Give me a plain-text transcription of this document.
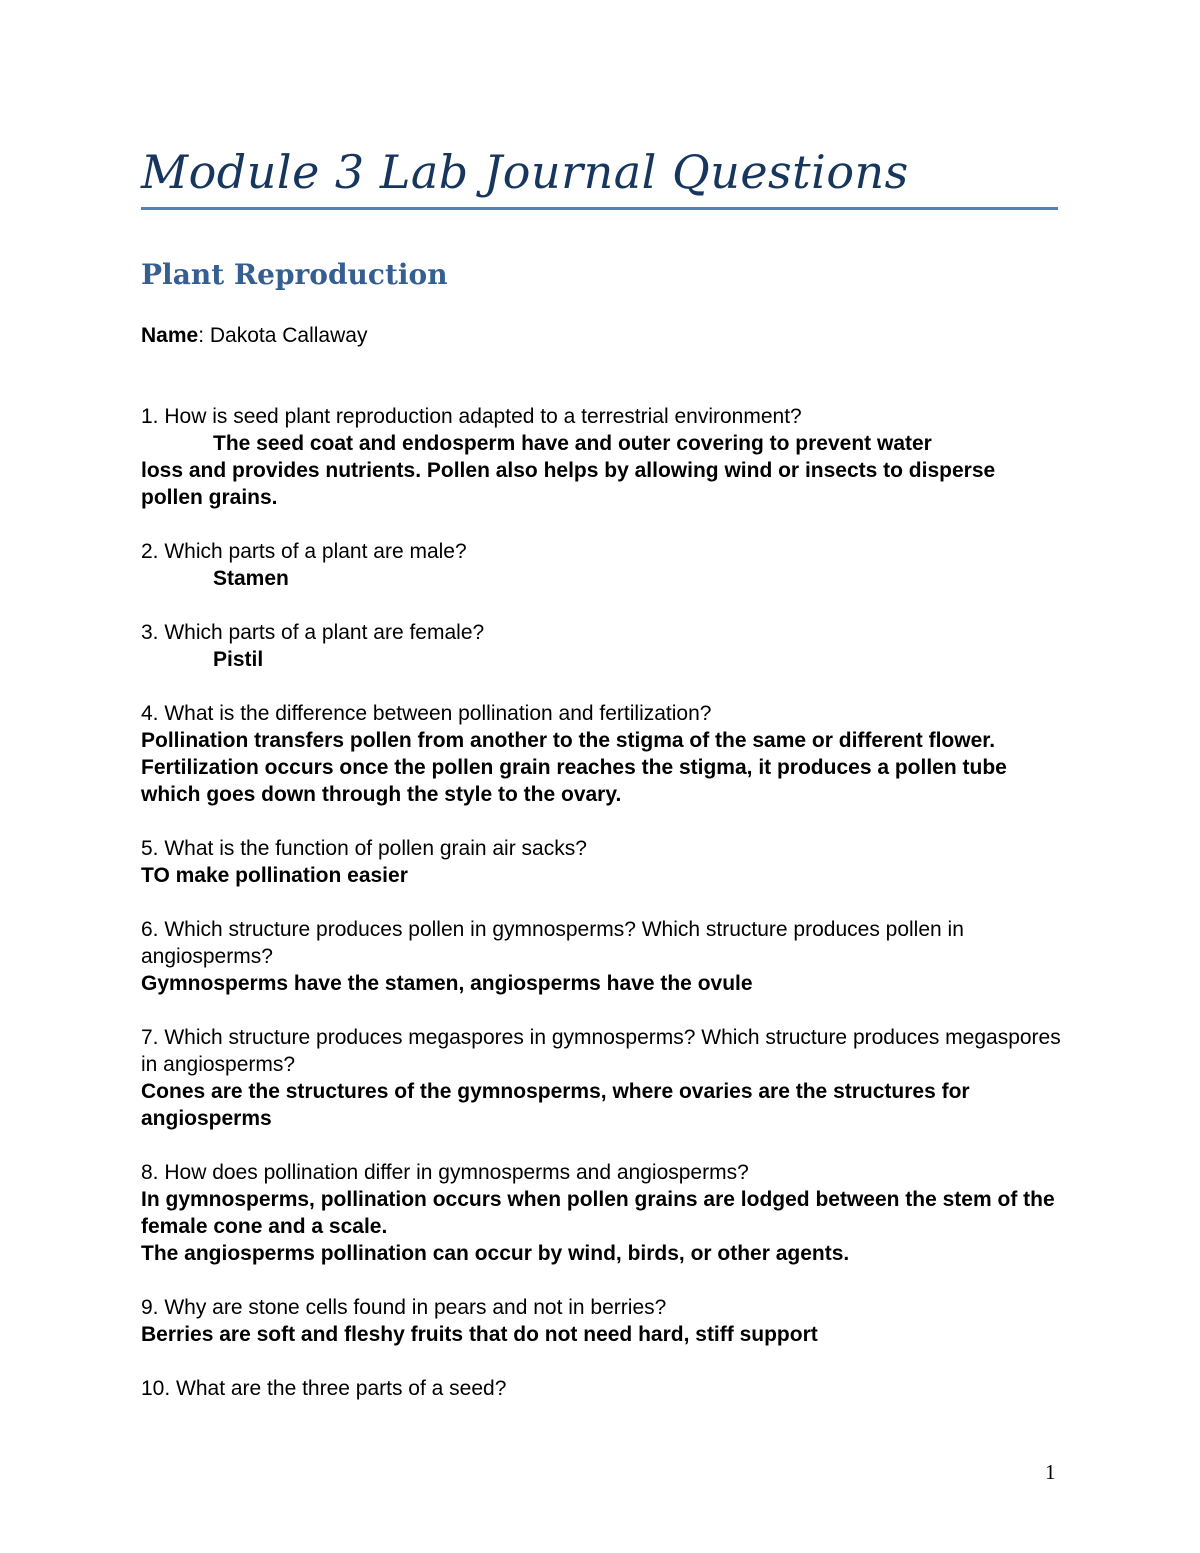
Module 3 Lab Journal Questions
Plant Reproduction

Name: Dakota Callaway

1. How is seed plant reproduction adapted to a terrestrial environment?

The seed coat and endosperm have and outer covering to prevent water

loss and provides nutrients. Pollen also helps by allowing wind or insects to disperse pollen grains.

2. Which parts of a plant are male?

Stamen

3. Which parts of a plant are female?

Pistil

4. What is the difference between pollination and fertilization?

Pollination transfers pollen from another to the stigma of the same or different flower. Fertilization occurs once the pollen grain reaches the stigma, it produces a pollen tube which goes down through the style to the ovary.

5. What is the function of pollen grain air sacks?

TO make pollination easier

6. Which structure produces pollen in gymnosperms? Which structure produces pollen in angiosperms?

Gymnosperms have the stamen, angiosperms have the ovule

7. Which structure produces megaspores in gymnosperms? Which structure produces megaspores in angiosperms?

Cones are the structures of the gymnosperms, where ovaries are the structures for angiosperms

8. How does pollination differ in gymnosperms and angiosperms?

In gymnosperms, pollination occurs when pollen grains are lodged between the stem of the female cone and a scale.

The angiosperms pollination can occur by wind, birds, or other agents.

9. Why are stone cells found in pears and not in berries?

Berries are soft and fleshy fruits that do not need hard, stiff support

10. What are the three parts of a seed?

1
